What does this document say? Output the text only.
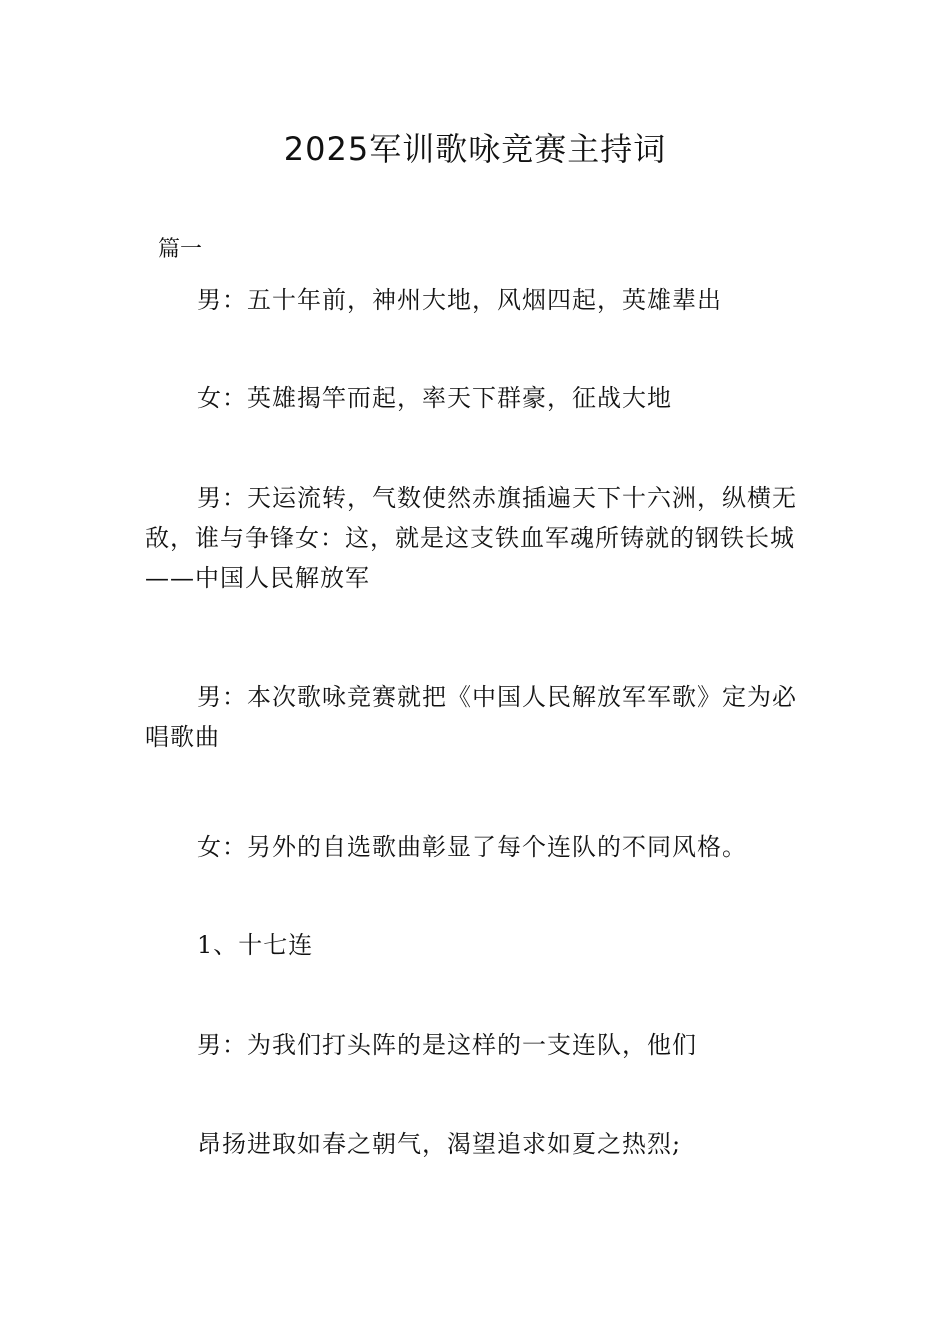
2025军训歌咏竞赛主持词
篇一

男：五十年前，神州大地，风烟四起，英雄辈出

女：英雄揭竿而起，率天下群豪，征战大地

男：天运流转，气数使然赤旗插遍天下十六洲，纵横无敌，谁与争锋女：这，就是这支铁血军魂所铸就的钢铁长城——中国人民解放军

男：本次歌咏竞赛就把《中国人民解放军军歌》定为必唱歌曲

女：另外的自选歌曲彰显了每个连队的不同风格。

1、十七连

男：为我们打头阵的是这样的一支连队，他们

昂扬进取如春之朝气，渴望追求如夏之热烈;
